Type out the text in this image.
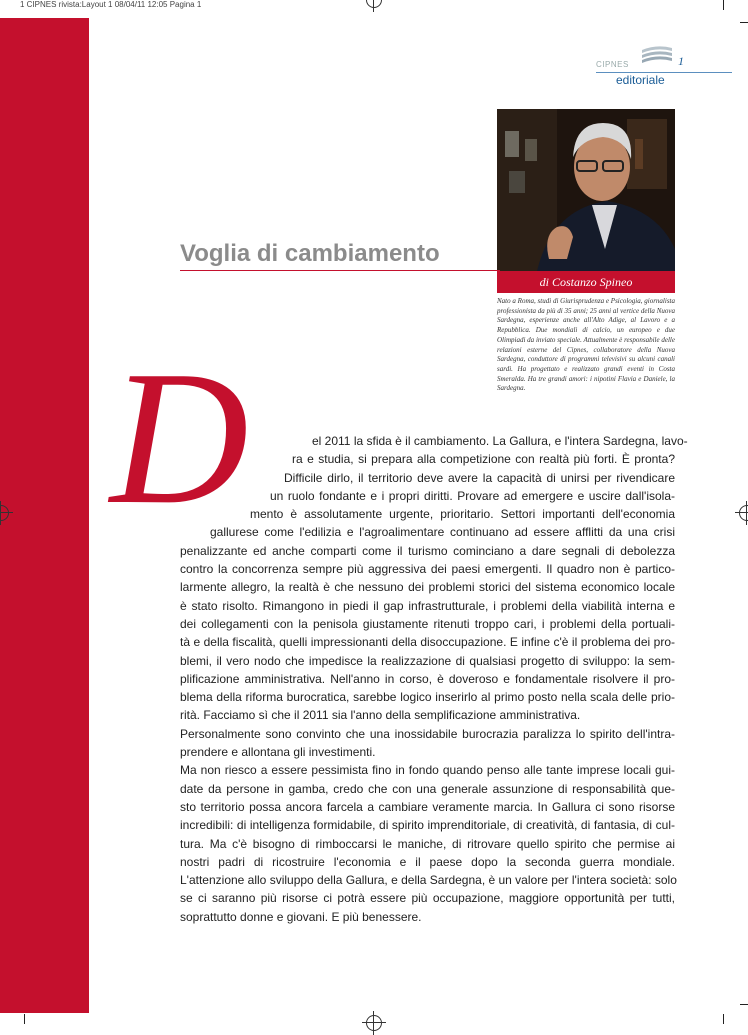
1 CIPNES rivista:Layout 1 08/04/11 12:05 Pagina 1
CIPNES	1
editoriale
Voglia di cambiamento
di Costanzo Spineo
Nato a Roma, studi di Giurisprudenza e Psicologia, giornalista professionista da più di 35 anni; 25 anni al vertice della Nuova Sardegna, esperienze anche all'Alto Adige, al Lavoro e a Repubblica. Due mondiali di calcio, un europeo e due Olimpiadi da inviato speciale. Attualmente è responsabile delle relazioni esterne del Cipnes, collaboratore della Nuova Sardegna, conduttore di programmi televisivi su alcuni canali sardi. Ha progettato e realizzato grandi eventi in Costa Smeralda. Ha tre grandi amori: i nipotini Flavia e Daniele, la Sardegna.
D	el 2011 la sfida è il cambiamento. La Gallura, e l'intera Sardegna, lavo-
ra e studia, si prepara alla competizione con realtà più forti. È pronta?
Difficile dirlo, il territorio deve avere la capacità di unirsi per rivendicare
un ruolo fondante e i propri diritti. Provare ad emergere e uscire dall'isola-
mento è assolutamente urgente, prioritario. Settori importanti dell'economia
gallurese come l'edilizia e l'agroalimentare continuano ad essere afflitti da una crisi
penalizzante ed anche comparti come il turismo cominciano a dare segnali di debolezza
contro la concorrenza sempre più aggressiva dei paesi emergenti. Il quadro non è partico-
larmente allegro, la realtà è che nessuno dei problemi storici del sistema economico locale
è stato risolto. Rimangono in piedi il gap infrastrutturale, i problemi della viabilità interna e
dei collegamenti con la penisola giustamente ritenuti troppo cari, i problemi della portuali-
tà e della fiscalità, quelli impressionanti della disoccupazione. E infine c'è il problema dei pro-
blemi, il vero nodo che impedisce la realizzazione di qualsiasi progetto di sviluppo: la sem-
plificazione amministrativa. Nell'anno in corso, è doveroso e fondamentale risolvere il pro-
blema della riforma burocratica, sarebbe logico inserirlo al primo posto nella scala delle prio-
rità. Facciamo sì che il 2011 sia l'anno della semplificazione amministrativa.
Personalmente sono convinto che una inossidabile burocrazia paralizza lo spirito dell'intra-
prendere e allontana gli investimenti.
Ma non riesco a essere pessimista fino in fondo quando penso alle tante imprese locali gui-
date da persone in gamba, credo che con una generale assunzione di responsabilità que-
sto territorio possa ancora farcela a cambiare veramente marcia. In Gallura ci sono risorse
incredibili: di intelligenza formidabile, di spirito imprenditoriale, di creatività, di fantasia, di cul-
tura. Ma c'è bisogno di rimboccarsi le maniche, di ritrovare quello spirito che permise ai
nostri padri di ricostruire l'economia e il paese dopo la seconda guerra mondiale.
L'attenzione allo sviluppo della Gallura, e della Sardegna, è un valore per l'intera società: solo
se ci saranno più risorse ci potrà essere più occupazione, maggiore opportunità per tutti,
soprattutto donne e giovani. E più benessere.
